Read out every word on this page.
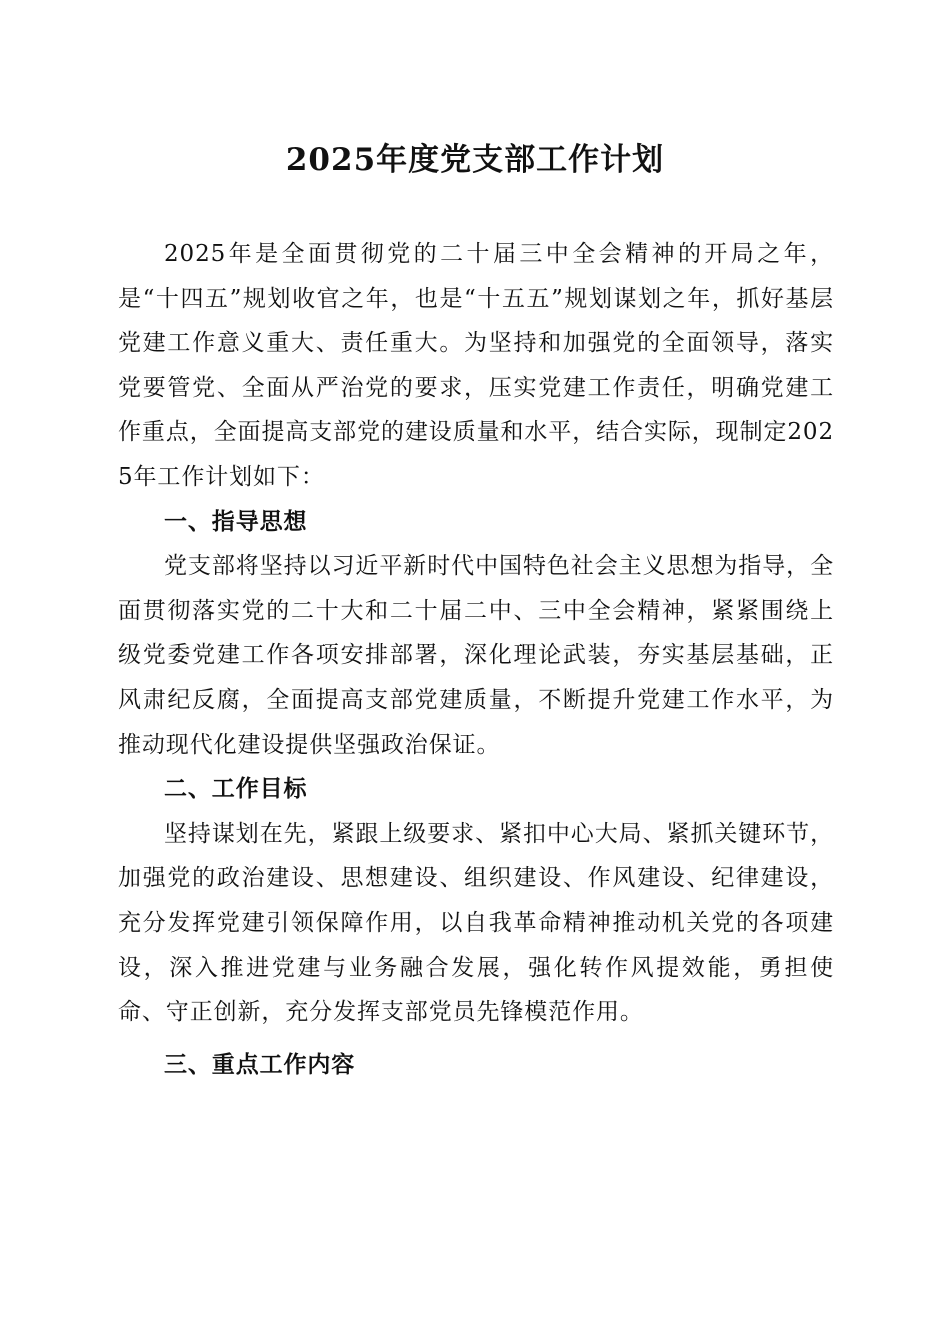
2025年度党支部工作计划

2025年是全面贯彻党的二十届三中全会精神的开局之年，是“十四五”规划收官之年，也是“十五五”规划谋划之年，抓好基层党建工作意义重大、责任重大。为坚持和加强党的全面领导，落实党要管党、全面从严治党的要求，压实党建工作责任，明确党建工作重点，全面提高支部党的建设质量和水平，结合实际，现制定2025年工作计划如下：

一、指导思想

党支部将坚持以习近平新时代中国特色社会主义思想为指导，全面贯彻落实党的二十大和二十届二中、三中全会精神，紧紧围绕上级党委党建工作各项安排部署，深化理论武装，夯实基层基础，正风肃纪反腐，全面提高支部党建质量，不断提升党建工作水平，为推动现代化建设提供坚强政治保证。

二、工作目标

坚持谋划在先，紧跟上级要求、紧扣中心大局、紧抓关键环节，加强党的政治建设、思想建设、组织建设、作风建设、纪律建设，充分发挥党建引领保障作用，以自我革命精神推动机关党的各项建设，深入推进党建与业务融合发展，强化转作风提效能，勇担使命、守正创新，充分发挥支部党员先锋模范作用。

三、重点工作内容
